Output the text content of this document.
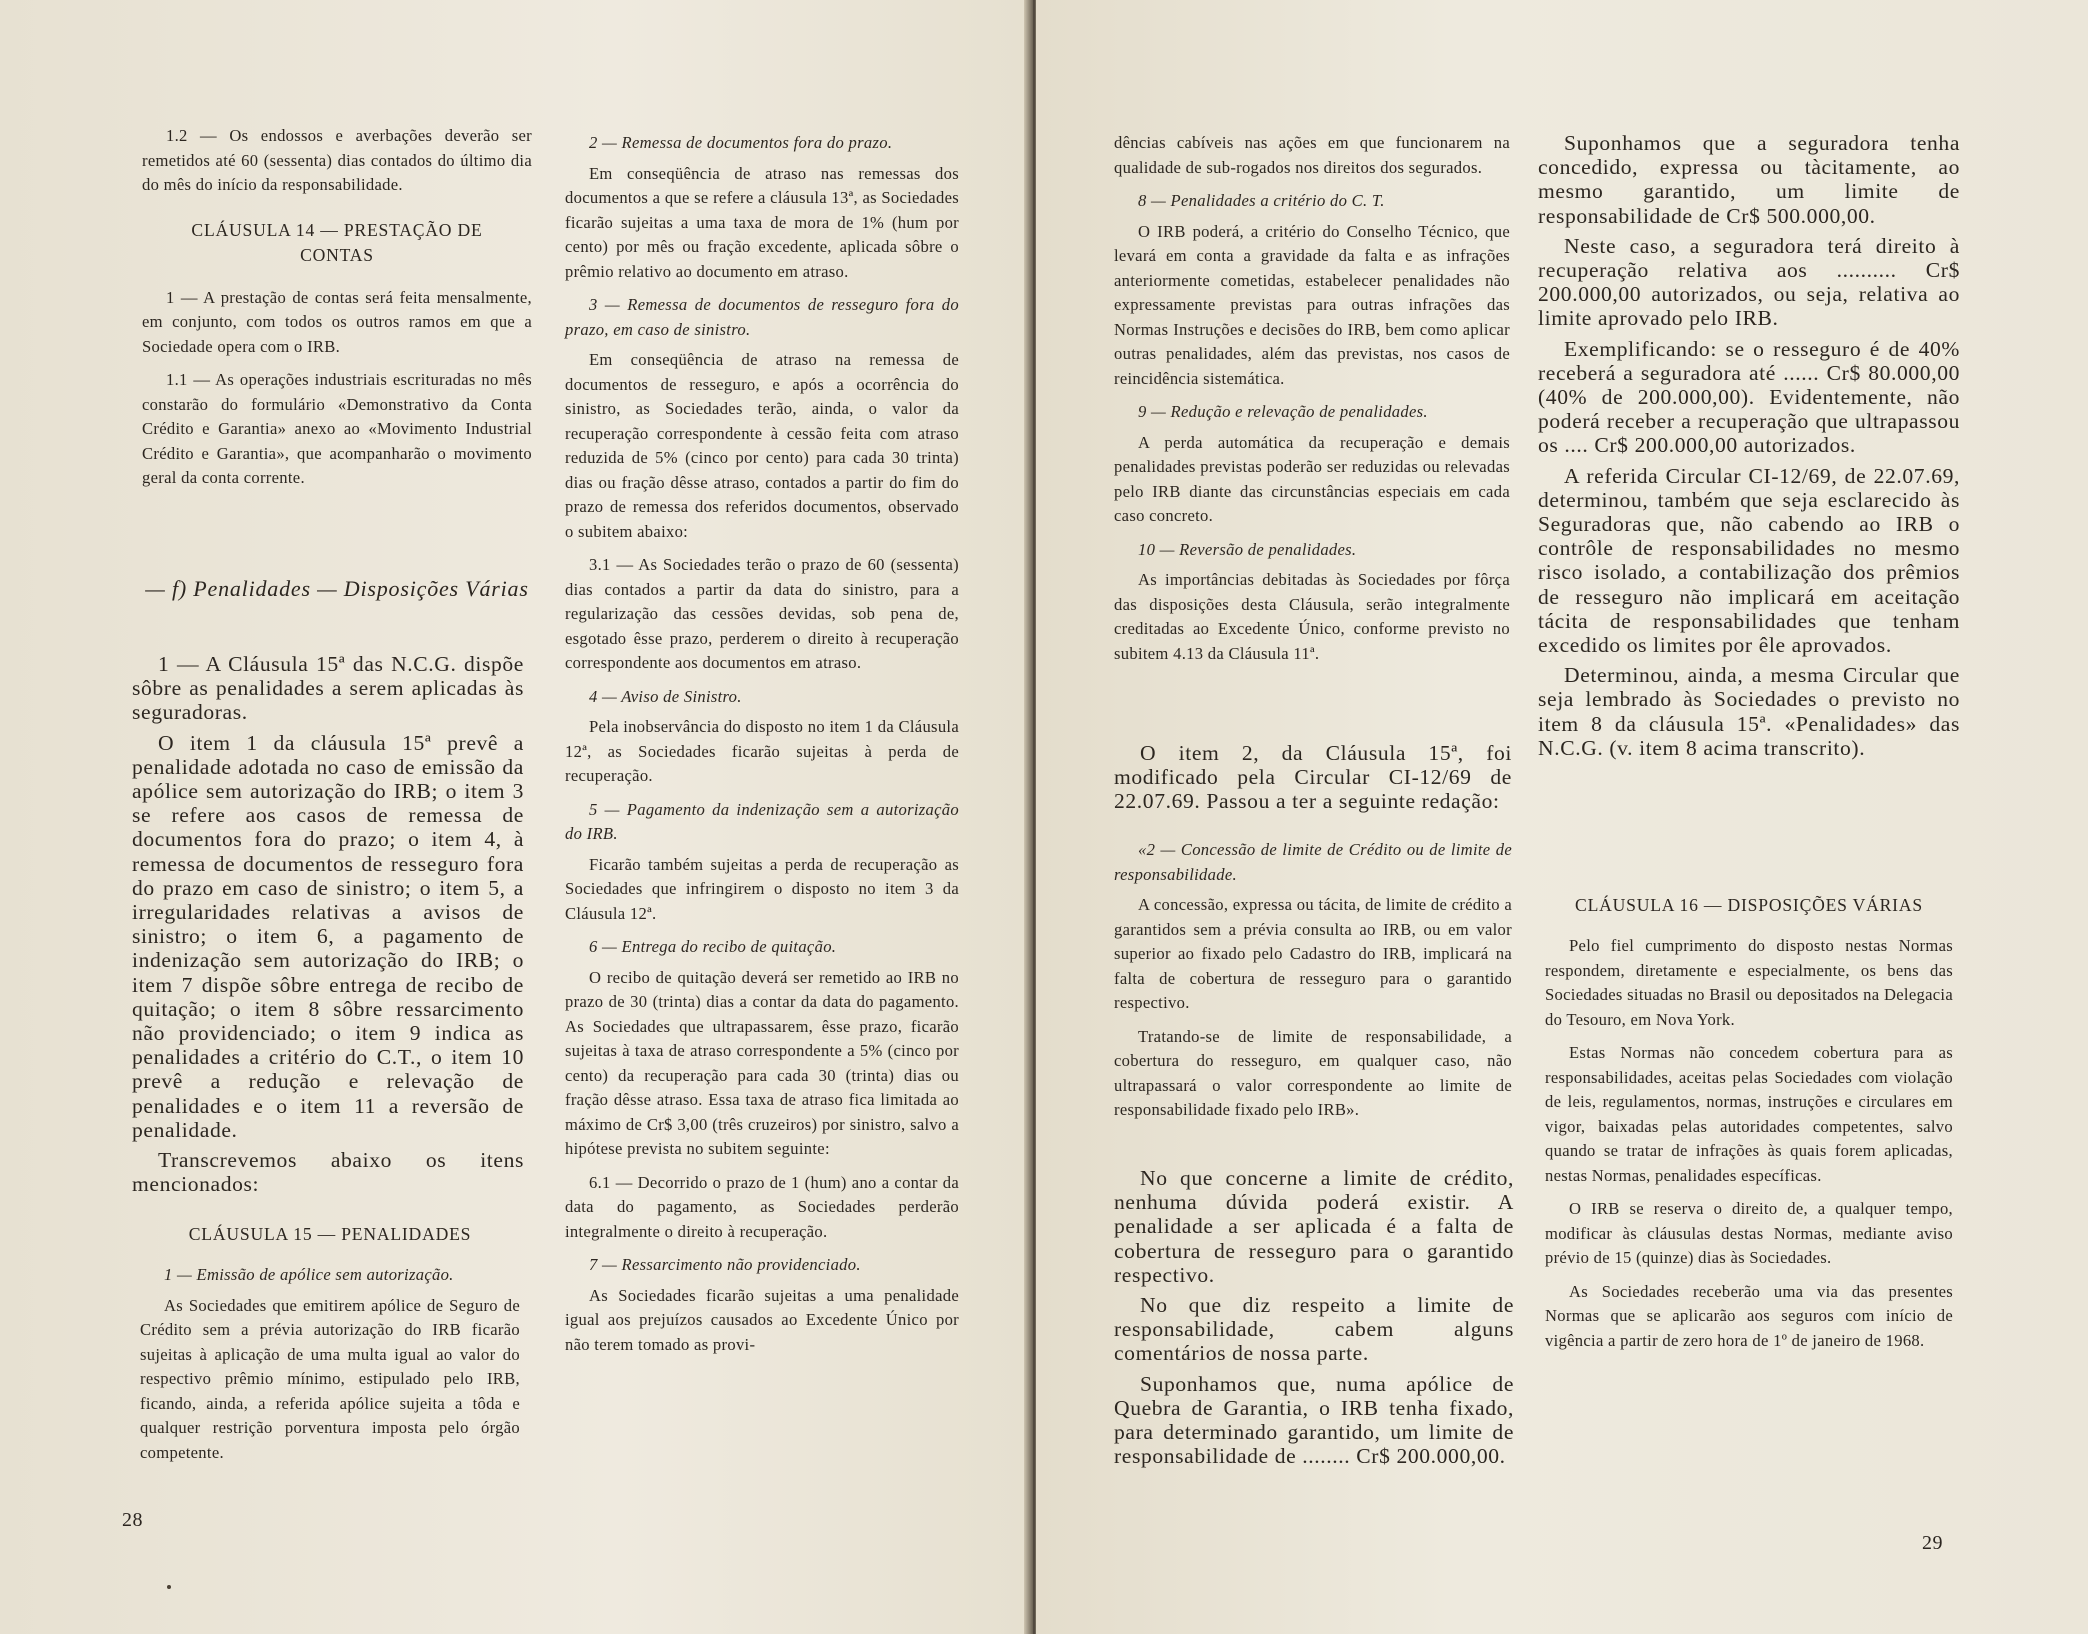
1.2 — Os endossos e averbações deverão ser remetidos até 60 (sessenta) dias contados do último dia do mês do início da responsabilidade.

CLÁUSULA 14 — PRESTAÇÃO DE CONTAS

1 — A prestação de contas será feita mensalmente, em conjunto, com todos os outros ramos em que a Sociedade opera com o IRB.

1.1 — As operações industriais escrituradas no mês constarão do formulário «Demonstrativo da Conta Crédito e Garantia» anexo ao «Movimento Industrial Crédito e Garantia», que acompanharão o movimento geral da conta corrente.

— f) Penalidades — Disposições Várias

1 — A Cláusula 15ª das N.C.G. dispõe sôbre as penalidades a serem aplicadas às seguradoras.

O item 1 da cláusula 15ª prevê a penalidade adotada no caso de emissão da apólice sem autorização do IRB; o item 3 se refere aos casos de remessa de documentos fora do prazo; o item 4, à remessa de documentos de resseguro fora do prazo em caso de sinistro; o item 5, a irregularidades relativas a avisos de sinistro; o item 6, a pagamento de indenização sem autorização do IRB; o item 7 dispõe sôbre entrega de recibo de quitação; o item 8 sôbre ressarcimento não providenciado; o item 9 indica as penalidades a critério do C.T., o item 10 prevê a redução e relevação de penalidades e o item 11 a reversão de penalidade.

Transcrevemos abaixo os itens mencionados:

CLÁUSULA 15 — PENALIDADES

1 — Emissão de apólice sem autorização.

As Sociedades que emitirem apólice de Seguro de Crédito sem a prévia autorização do IRB ficarão sujeitas à aplicação de uma multa igual ao valor do respectivo prêmio mínimo, estipulado pelo IRB, ficando, ainda, a referida apólice sujeita a tôda e qualquer restrição porventura imposta pelo órgão competente.

2 — Remessa de documentos fora do prazo.

Em conseqüência de atraso nas remessas dos documentos a que se refere a cláusula 13ª, as Sociedades ficarão sujeitas a uma taxa de mora de 1% (hum por cento) por mês ou fração excedente, aplicada sôbre o prêmio relativo ao documento em atraso.

3 — Remessa de documentos de resseguro fora do prazo, em caso de sinistro.

Em conseqüência de atraso na remessa de documentos de resseguro, e após a ocorrência do sinistro, as Sociedades terão, ainda, o valor da recuperação correspondente à cessão feita com atraso reduzida de 5% (cinco por cento) para cada 30 trinta) dias ou fração dêsse atraso, contados a partir do fim do prazo de remessa dos referidos documentos, observado o subitem abaixo:

3.1 — As Sociedades terão o prazo de 60 (sessenta) dias contados a partir da data do sinistro, para a regularização das cessões devidas, sob pena de, esgotado êsse prazo, perderem o direito à recuperação correspondente aos documentos em atraso.

4 — Aviso de Sinistro.

Pela inobservância do disposto no item 1 da Cláusula 12ª, as Sociedades ficarão sujeitas à perda de recuperação.

5 — Pagamento da indenização sem a autorização do IRB.

Ficarão também sujeitas a perda de recuperação as Sociedades que infringirem o disposto no item 3 da Cláusula 12ª.

6 — Entrega do recibo de quitação.

O recibo de quitação deverá ser remetido ao IRB no prazo de 30 (trinta) dias a contar da data do pagamento. As Sociedades que ultrapassarem, êsse prazo, ficarão sujeitas à taxa de atraso correspondente a 5% (cinco por cento) da recuperação para cada 30 (trinta) dias ou fração dêsse atraso. Essa taxa de atraso fica limitada ao máximo de Cr$ 3,00 (três cruzeiros) por sinistro, salvo a hipótese prevista no subitem seguinte:

6.1 — Decorrido o prazo de 1 (hum) ano a contar da data do pagamento, as Sociedades perderão integralmente o direito à recuperação.

7 — Ressarcimento não providenciado.

As Sociedades ficarão sujeitas a uma penalidade igual aos prejuízos causados ao Excedente Único por não terem tomado as provi-

28

dências cabíveis nas ações em que funcionarem na qualidade de sub-rogados nos direitos dos segurados.

8 — Penalidades a critério do C. T.

O IRB poderá, a critério do Conselho Técnico, que levará em conta a gravidade da falta e as infrações anteriormente cometidas, estabelecer penalidades não expressamente previstas para outras infrações das Normas Instruções e decisões do IRB, bem como aplicar outras penalidades, além das previstas, nos casos de reincidência sistemática.

9 — Redução e relevação de penalidades.

A perda automática da recuperação e demais penalidades previstas poderão ser reduzidas ou relevadas pelo IRB diante das circunstâncias especiais em cada caso concreto.

10 — Reversão de penalidades.

As importâncias debitadas às Sociedades por fôrça das disposições desta Cláusula, serão integralmente creditadas ao Excedente Único, conforme previsto no subitem 4.13 da Cláusula 11ª.

O item 2, da Cláusula 15ª, foi modificado pela Circular CI-12/69 de 22.07.69. Passou a ter a seguinte redação:

«2 — Concessão de limite de Crédito ou de limite de responsabilidade.

A concessão, expressa ou tácita, de limite de crédito a garantidos sem a prévia consulta ao IRB, ou em valor superior ao fixado pelo Cadastro do IRB, implicará na falta de cobertura de resseguro para o garantido respectivo.

Tratando-se de limite de responsabilidade, a cobertura do resseguro, em qualquer caso, não ultrapassará o valor correspondente ao limite de responsabilidade fixado pelo IRB».

No que concerne a limite de crédito, nenhuma dúvida poderá existir. A penalidade a ser aplicada é a falta de cobertura de resseguro para o garantido respectivo.

No que diz respeito a limite de responsabilidade, cabem alguns comentários de nossa parte.

Suponhamos que, numa apólice de Quebra de Garantia, o IRB tenha fixado, para determinado garantido, um limite de responsabilidade de ........ Cr$ 200.000,00.

Suponhamos que a seguradora tenha concedido, expressa ou tàcitamente, ao mesmo garantido, um limite de responsabilidade de Cr$ 500.000,00.

Neste caso, a seguradora terá direito à recuperação relativa aos .......... Cr$ 200.000,00 autorizados, ou seja, relativa ao limite aprovado pelo IRB.

Exemplificando: se o resseguro é de 40% receberá a seguradora até ...... Cr$ 80.000,00 (40% de 200.000,00). Evidentemente, não poderá receber a recuperação que ultrapassou os .... Cr$ 200.000,00 autorizados.

A referida Circular CI-12/69, de 22.07.69, determinou, também que seja esclarecido às Seguradoras que, não cabendo ao IRB o contrôle de responsabilidades no mesmo risco isolado, a contabilização dos prêmios de resseguro não implicará em aceitação tácita de responsabilidades que tenham excedido os limites por êle aprovados.

Determinou, ainda, a mesma Circular que seja lembrado às Sociedades o previsto no item 8 da cláusula 15ª. «Penalidades» das N.C.G. (v. item 8 acima transcrito).

CLÁUSULA 16 — DISPOSIÇÕES VÁRIAS

Pelo fiel cumprimento do disposto nestas Normas respondem, diretamente e especialmente, os bens das Sociedades situadas no Brasil ou depositados na Delegacia do Tesouro, em Nova York.

Estas Normas não concedem cobertura para as responsabilidades, aceitas pelas Sociedades com violação de leis, regulamentos, normas, instruções e circulares em vigor, baixadas pelas autoridades competentes, salvo quando se tratar de infrações às quais forem aplicadas, nestas Normas, penalidades específicas.

O IRB se reserva o direito de, a qualquer tempo, modificar às cláusulas destas Normas, mediante aviso prévio de 15 (quinze) dias às Sociedades.

As Sociedades receberão uma via das presentes Normas que se aplicarão aos seguros com início de vigência a partir de zero hora de 1º de janeiro de 1968.

29
